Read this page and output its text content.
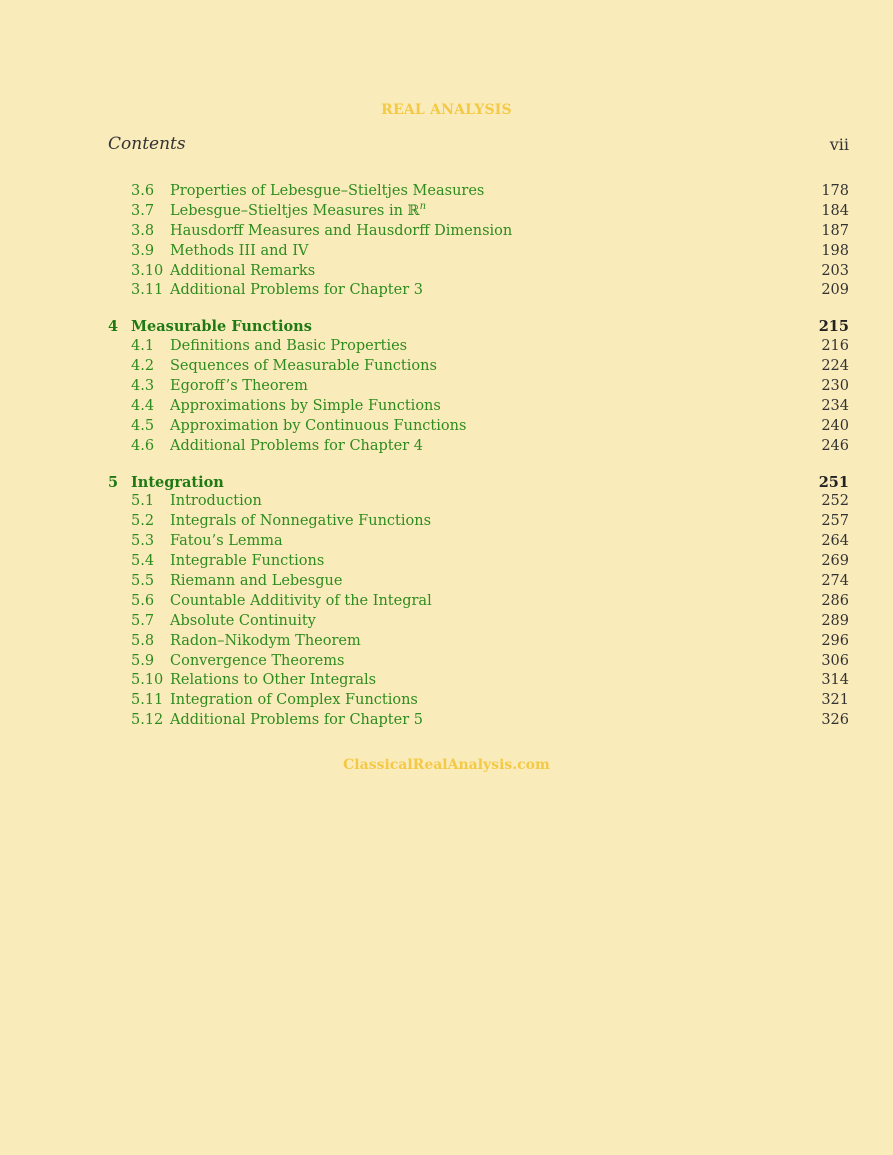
REAL ANALYSIS
Contents	vii
3.6 Properties of Lebesgue–Stieltjes Measures	178
3.7 Lebesgue–Stieltjes Measures in ℝ$^n$	184
3.8 Hausdorff Measures and Hausdorff Dimension	187
3.9 Methods III and IV	198
3.10 Additional Remarks	203
3.11 Additional Problems for Chapter 3	209
4 Measurable Functions	215
4.1 Definitions and Basic Properties	216
4.2 Sequences of Measurable Functions	224
4.3 Egoroff’s Theorem	230
4.4 Approximations by Simple Functions	234
4.5 Approximation by Continuous Functions	240
4.6 Additional Problems for Chapter 4	246
5 Integration	251
5.1 Introduction	252
5.2 Integrals of Nonnegative Functions	257
5.3 Fatou’s Lemma	264
5.4 Integrable Functions	269
5.5 Riemann and Lebesgue	274
5.6 Countable Additivity of the Integral	286
5.7 Absolute Continuity	289
5.8 Radon–Nikodym Theorem	296
5.9 Convergence Theorems	306
5.10 Relations to Other Integrals	314
5.11 Integration of Complex Functions	321
5.12 Additional Problems for Chapter 5	326
ClassicalRealAnalysis.com
